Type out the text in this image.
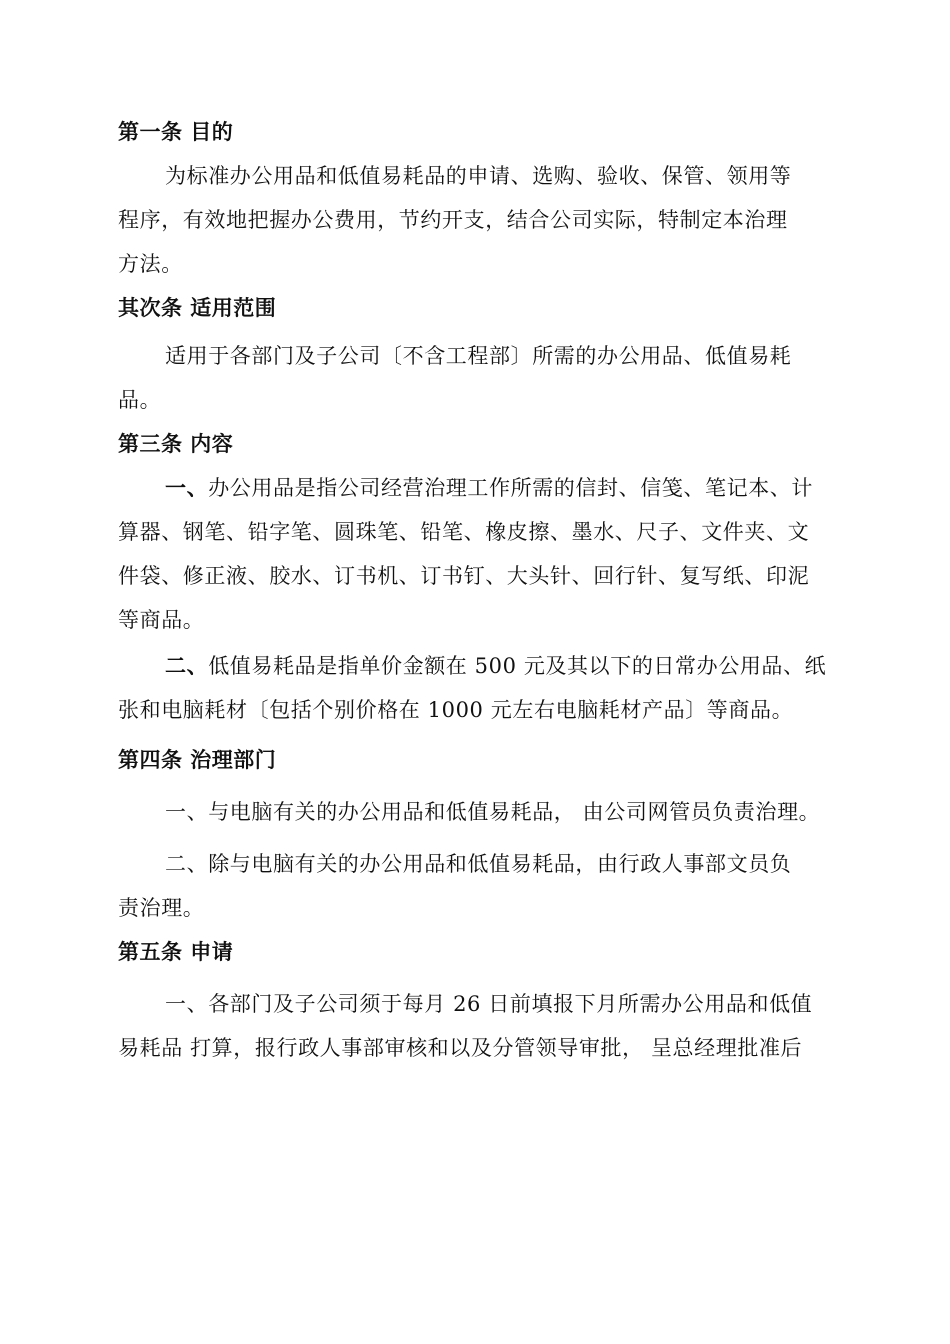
第一条 目的
为标准办公用品和低值易耗品的申请、选购、验收、保管、领用等
程序，有效地把握办公费用，节约开支，结合公司实际，特制定本治理
方法。
其次条 适用范围
适用于各部门及子公司〔不含工程部〕所需的办公用品、低值易耗
品。
第三条 内容
一、办公用品是指公司经营治理工作所需的信封、信笺、笔记本、计
算器、钢笔、铅字笔、圆珠笔、铅笔、橡皮擦、墨水、尺子、文件夹、文
件袋、修正液、胶水、订书机、订书钉、大头针、回行针、复写纸、印泥
等商品。
二、低值易耗品是指单价金额在 500 元及其以下的日常办公用品、纸
张和电脑耗材〔包括个别价格在 1000 元左右电脑耗材产品〕等商品。
第四条 治理部门
一、与电脑有关的办公用品和低值易耗品， 由公司网管员负责治理。
二、除与电脑有关的办公用品和低值易耗品，由行政人事部文员负
责治理。
第五条 申请
一、各部门及子公司须于每月 26 日前填报下月所需办公用品和低值
易耗品 打算，报行政人事部审核和以及分管领导审批， 呈总经理批准后
